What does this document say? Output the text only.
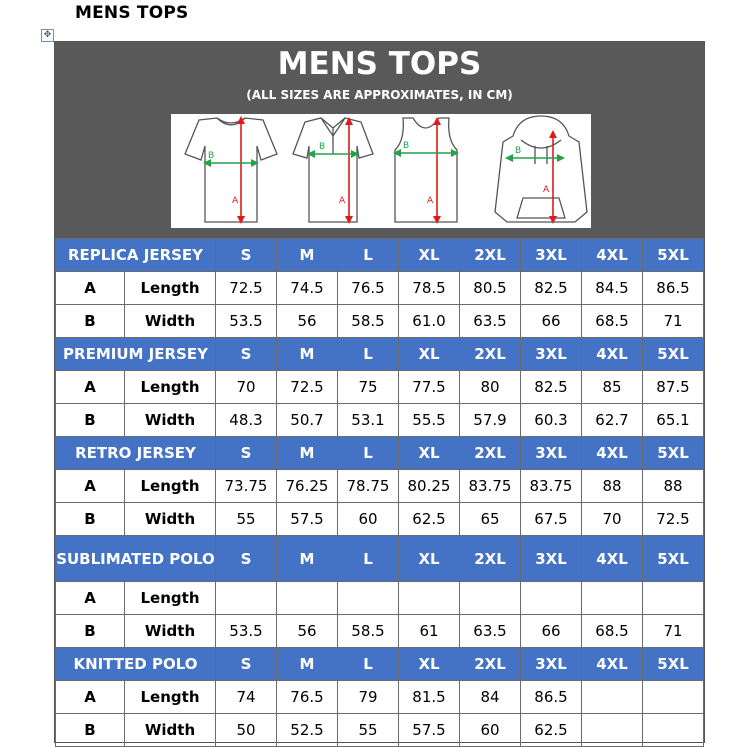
MENS TOPS
✥
MENS TOPS
(ALL SIZES ARE APPROXIMATES, IN CM)
B
A
B
A
B
A
B
A
REPLICA JERSEY		S	M	L	XL	2XL	3XL	4XL	5XL
A	Length	72.5	74.5	76.5	78.5	80.5	82.5	84.5	86.5
B	Width	53.5	56	58.5	61.0	63.5	66	68.5	71
PREMIUM JERSEY		S	M	L	XL	2XL	3XL	4XL	5XL
A	Length	70	72.5	75	77.5	80	82.5	85	87.5
B	Width	48.3	50.7	53.1	55.5	57.9	60.3	62.7	65.1
RETRO JERSEY		S	M	L	XL	2XL	3XL	4XL	5XL
A	Length	73.75	76.25	78.75	80.25	83.75	83.75	88	88
B	Width	55	57.5	60	62.5	65	67.5	70	72.5
SUBLIMATED POLO		S	M	L	XL	2XL	3XL	4XL	5XL
A	Length								
B	Width	53.5	56	58.5	61	63.5	66	68.5	71
KNITTED POLO		S	M	L	XL	2XL	3XL	4XL	5XL
A	Length	74	76.5	79	81.5	84	86.5		
B	Width	50	52.5	55	57.5	60	62.5		
